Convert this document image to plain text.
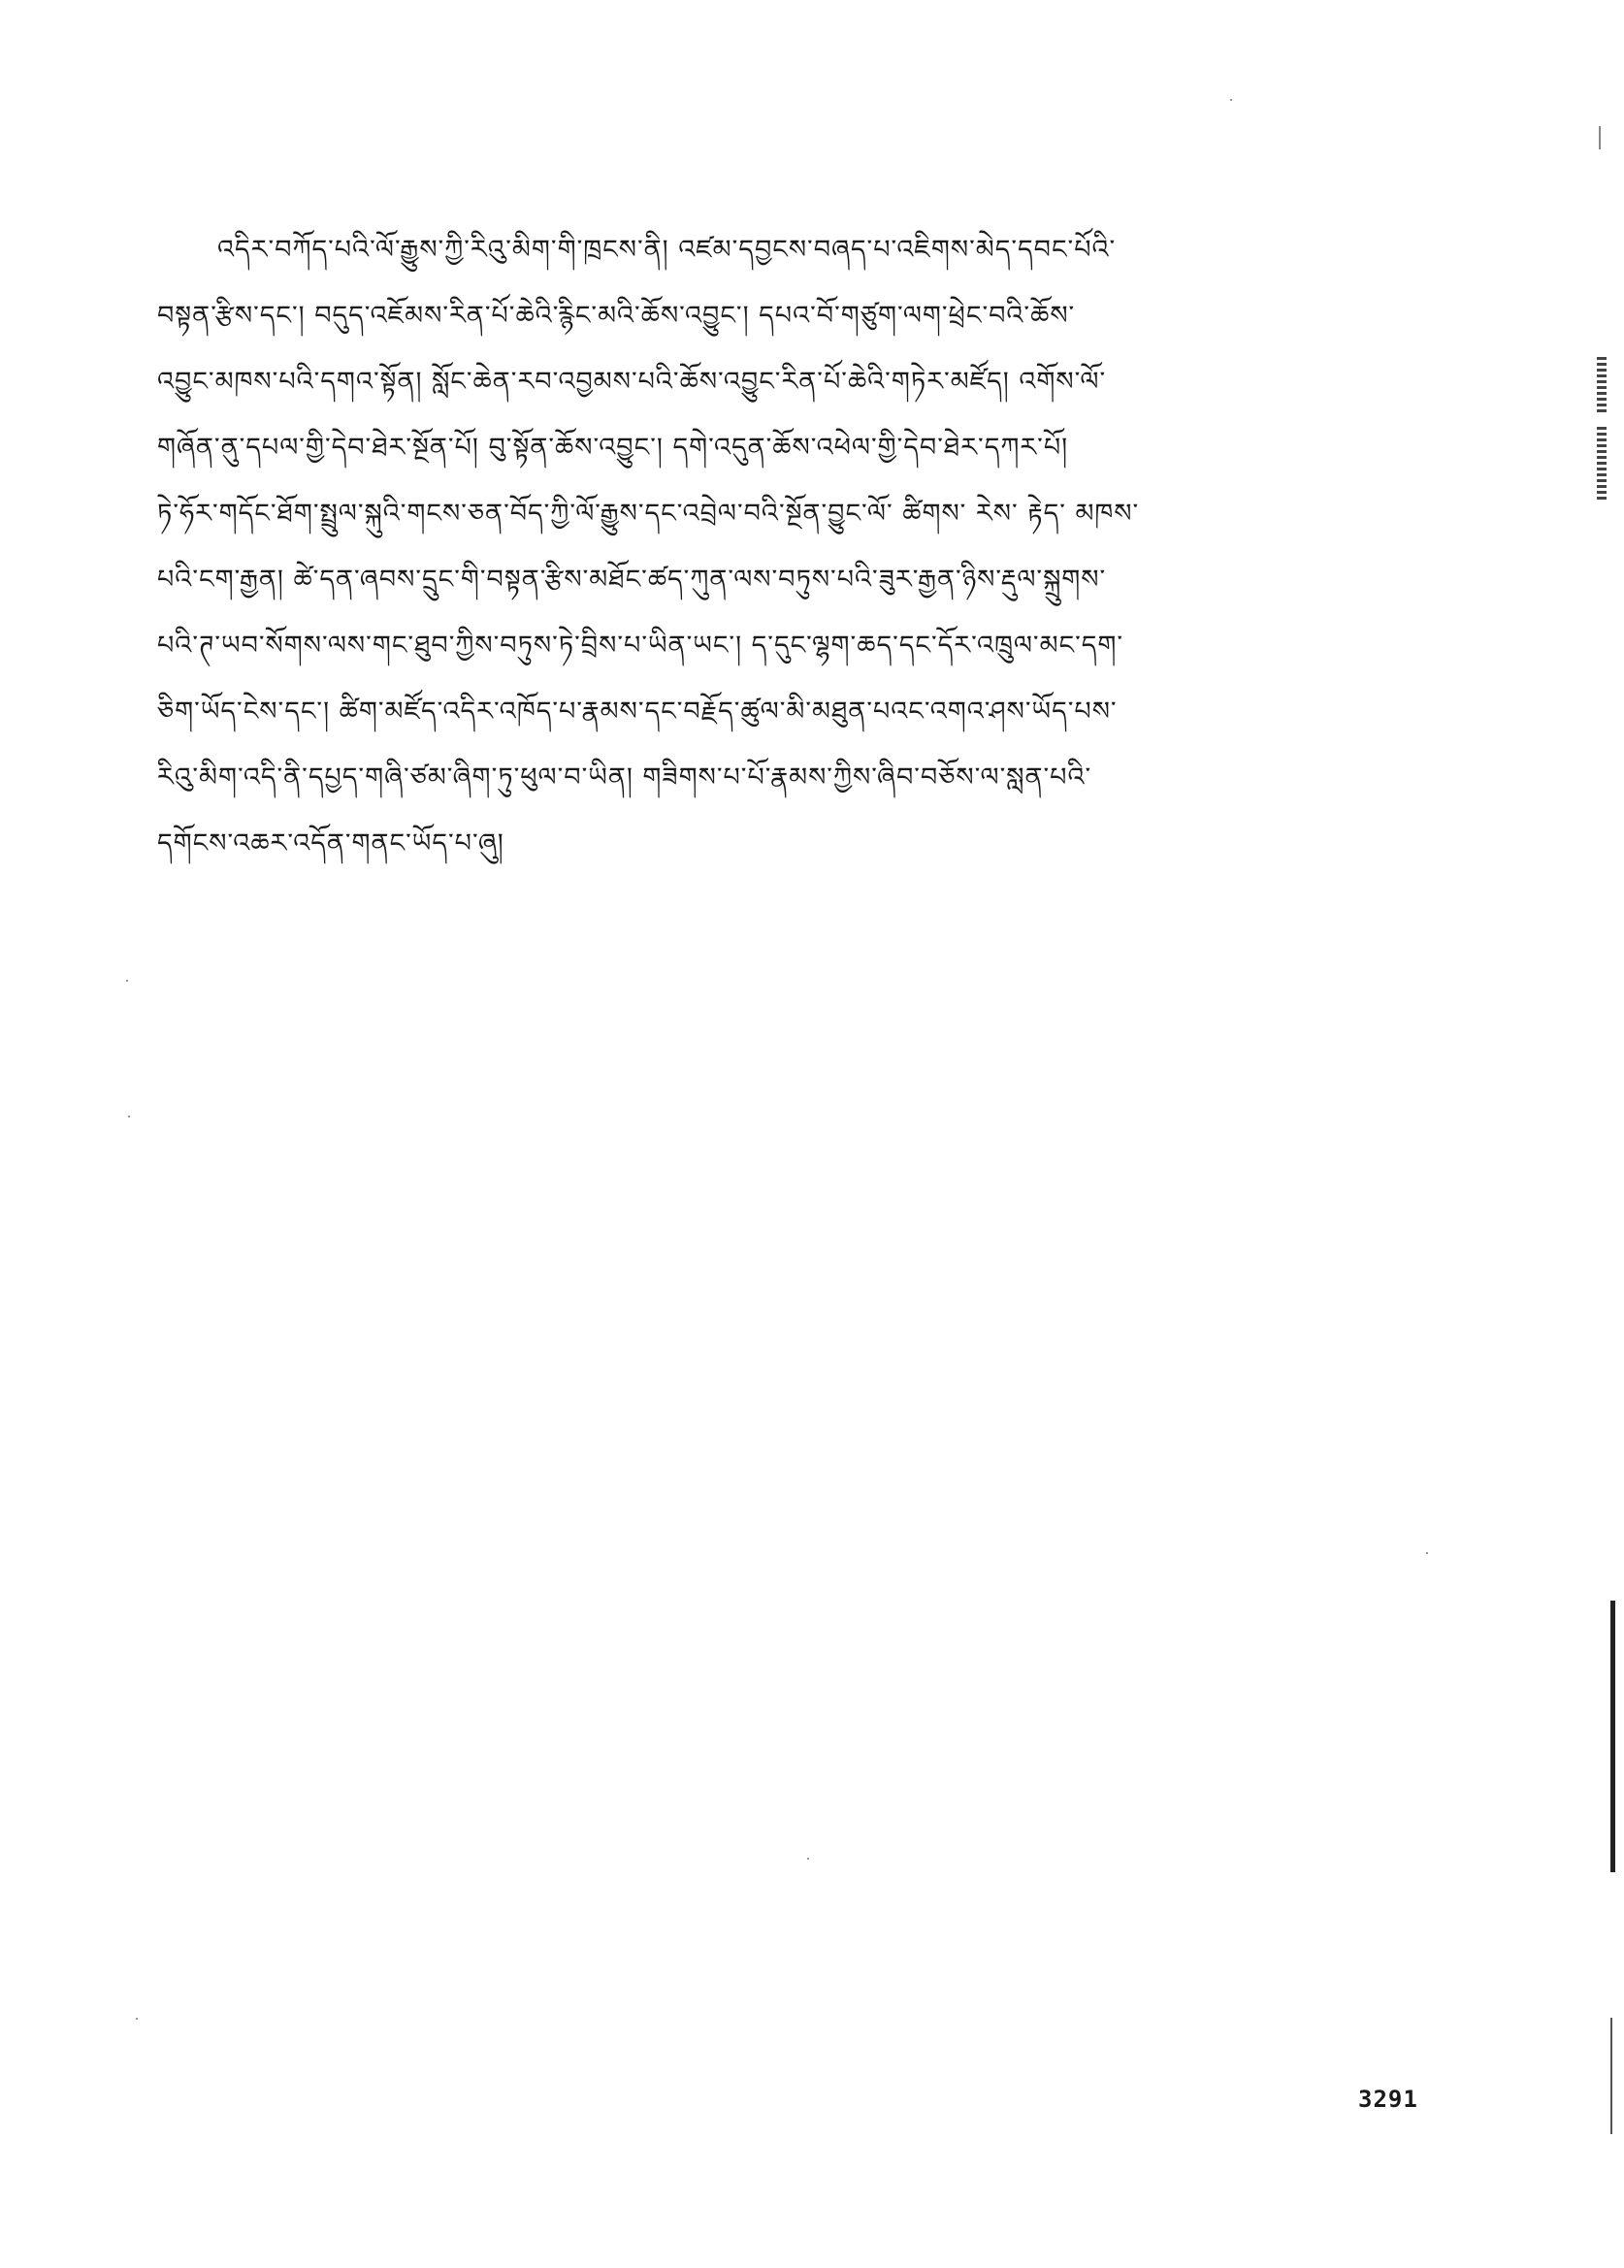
འདིར་བཀོད་པའི་ལོ་རྒྱུས་ཀྱི་རིའུ་མིག་གི་ཁྲངས་ནི། འཛམ་དབྱངས་བཞད་པ་འཇིགས་མེད་དབང་པོའི་
བསྟན་རྩིས་དང་། བདུད་འཇོམས་རིན་པོ་ཆེའི་རྙིང་མའི་ཆོས་འབྱུང་། དཔའ་བོ་གཙུག་ལག་ཕྲེང་བའི་ཆོས་
འབྱུང་མཁས་པའི་དགའ་སྟོན། སློང་ཆེན་རབ་འབྱམས་པའི་ཆོས་འབྱུང་རིན་པོ་ཆེའི་གཏེར་མཛོད། འགོས་ལོ་
གཞོན་ནུ་དཔལ་གྱི་དེབ་ཐེར་སྔོན་པོ། བུ་སྟོན་ཆོས་འབྱུང་། དགེ་འདུན་ཆོས་འཕེལ་གྱི་དེབ་ཐེར་དཀར་པོ།
ཏེ་ཧོར་གདོང་ཐོག་སྤྲུལ་སྐུའི་གངས་ཅན་བོད་ཀྱི་ལོ་རྒྱུས་དང་འབྲེལ་བའི་སྔོན་བྱུང་ལོ་ ཚིགས་ རེས་ རྟེད་ མཁས་
པའི་ངག་རྒྱན། ཚེ་དན་ཞབས་དྲུང་གི་བསྟན་རྩིས་མཐོང་ཚད་ཀུན་ལས་བཏུས་པའི་ཟུར་རྒྱན་ཉིས་རྡུལ་སྐྲུགས་
པའི་ཊ་ཡབ་སོགས་ལས་གང་ཐུབ་ཀྱིས་བཏུས་ཏེ་བྲིས་པ་ཡིན་ཡང་། ད་དུང་ལྷག་ཆད་དང་དོར་འཁྲུལ་མང་དག་
ཅིག་ཡོད་ངེས་དང་། ཚིག་མཛོད་འདིར་འཁོད་པ་རྣམས་དང་བརྗོད་ཚུལ་མི་མཐུན་པའང་འགའ་ཤས་ཡོད་པས་
རིའུ་མིག་འདི་ནི་དཔྱད་གཞི་ཙམ་ཞིག་ཏུ་ཕུལ་བ་ཡིན། གཟིགས་པ་པོ་རྣམས་ཀྱིས་ཞིབ་བཅོས་ལ་སླན་པའི་
དགོངས་འཆར་འདོན་གནང་ཡོད་པ་ཞུ།
3291
